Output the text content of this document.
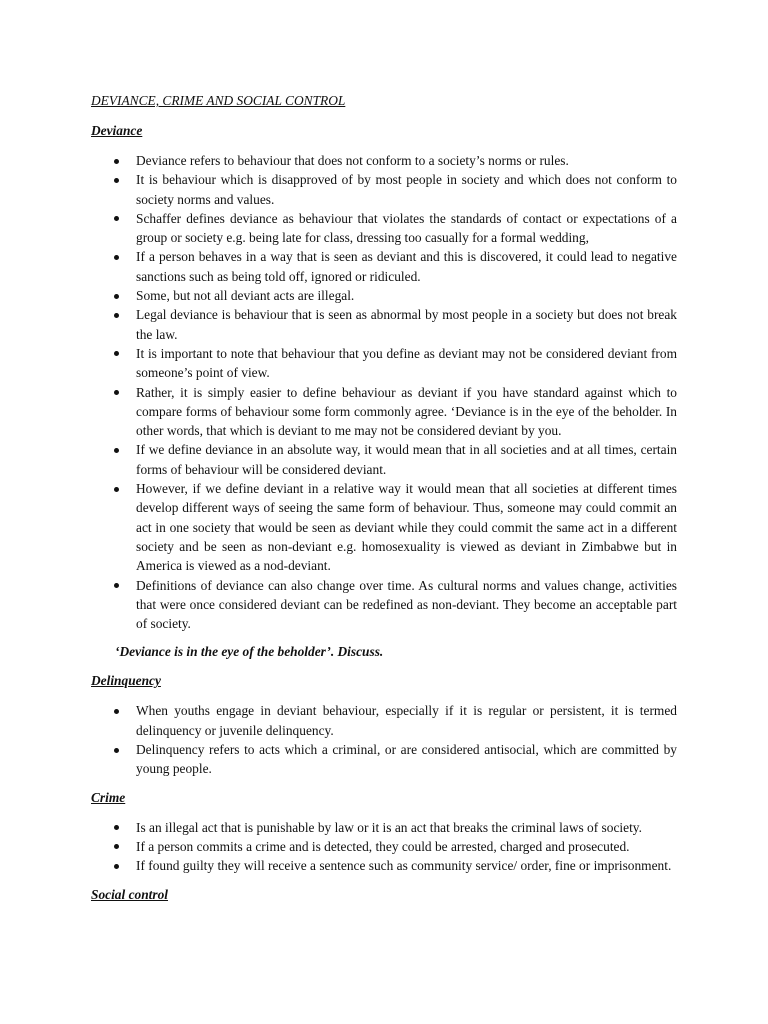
DEVIANCE, CRIME AND SOCIAL CONTROL
Deviance
Deviance refers to behaviour that does not conform to a society’s norms or rules.
It is behaviour which is disapproved of by most people in society and which does not conform to society norms and values.
Schaffer defines deviance as behaviour that violates the standards of contact or expectations of a group or society e.g. being late for class, dressing too casually for a formal wedding,
If a person behaves in a way that is seen as deviant and this is discovered, it could lead to negative sanctions such as being told off, ignored or ridiculed.
Some, but not all deviant acts are illegal.
Legal deviance is behaviour that is seen as abnormal by most people in a society but does not break the law.
It is important to note that behaviour that you define as deviant may not be considered deviant from someone’s point of view.
Rather, it is simply easier to define behaviour as deviant if you have standard against which to compare forms of behaviour some form commonly agree. ‘Deviance is in the eye of the beholder. In other words, that which is deviant to me may not be considered deviant by you.
If we define deviance in an absolute way, it would mean that in all societies and at all times, certain forms of behaviour will be considered deviant.
However, if we define deviant in a relative way it would mean that all societies at different times develop different ways of seeing the same form of behaviour. Thus, someone may could commit an act in one society that would be seen as deviant while they could commit the same act in a different society and be seen as non-deviant e.g. homosexuality is viewed as deviant in Zimbabwe but in America is viewed as a nod-deviant.
Definitions of deviance can also change over time. As cultural norms and values change, activities that were once considered deviant can be redefined as non-deviant. They become an acceptable part of society.

‘Deviance is in the eye of the beholder’. Discuss.

Delinquency
When youths engage in deviant behaviour, especially if it is regular or persistent, it is termed delinquency or juvenile delinquency.
Delinquency refers to acts which a criminal, or are considered antisocial, which are committed by young people.
Crime
Is an illegal act that is punishable by law or it is an act that breaks the criminal laws of society.
If a person commits a crime and is detected, they could be arrested, charged and prosecuted.
If found guilty they will receive a sentence such as community service/ order, fine or imprisonment.
Social control
